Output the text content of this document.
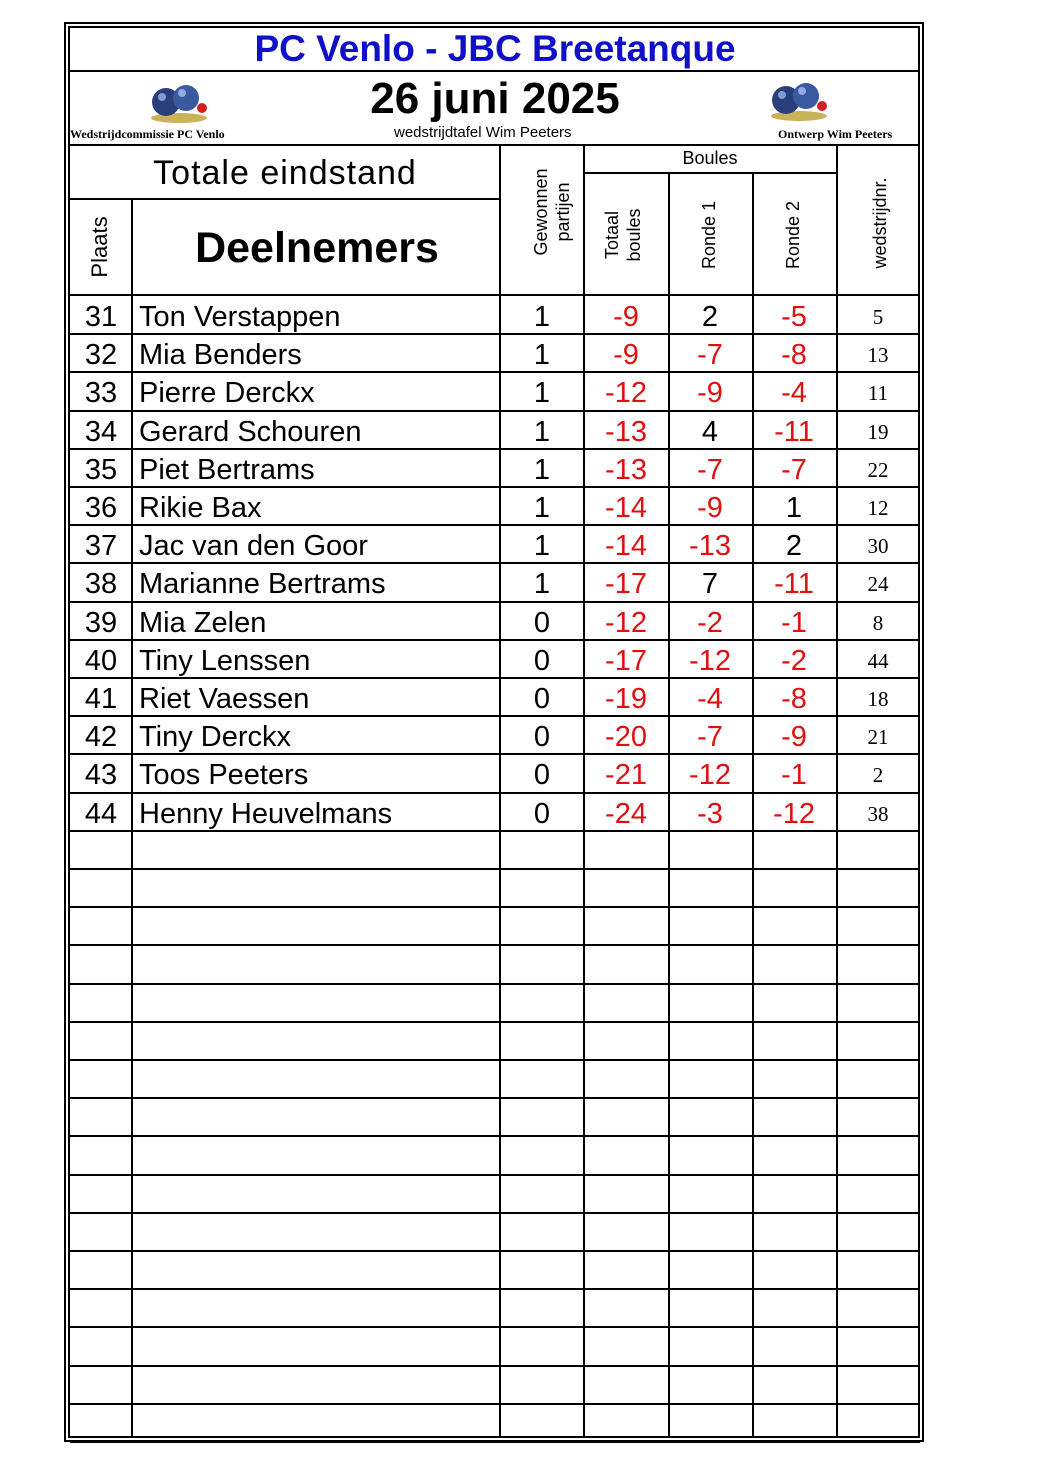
PC Venlo - JBC Breetanque
26 juni 2025
Wedstrijdcommissie PC Venlo	wedstrijdtafel Wim Peeters	Ontwerp Wim Peeters
Totale eindstand
Plaats	Deelnemers	Gewonnen partijen
Boules
Totaal boules	Ronde 1	Ronde 2	wedstrijdnr.
31 Ton Verstappen	1	-9	2	-5	5
32 Mia Benders	1	-9	-7	-8	13
33 Pierre Derckx	1	-12	-9	-4	11
34 Gerard Schouren	1	-13	4	-11	19
35 Piet Bertrams	1	-13	-7	-7	22
36 Rikie Bax	1	-14	-9	1	12
37 Jac van den Goor	1	-14	-13	2	30
38 Marianne Bertrams	1	-17	7	-11	24
39 Mia Zelen	0	-12	-2	-1	8
40 Tiny Lenssen	0	-17	-12	-2	44
41 Riet Vaessen	0	-19	-4	-8	18
42 Tiny Derckx	0	-20	-7	-9	21
43 Toos Peeters	0	-21	-12	-1	2
44 Henny Heuvelmans	0	-24	-3	-12	38
